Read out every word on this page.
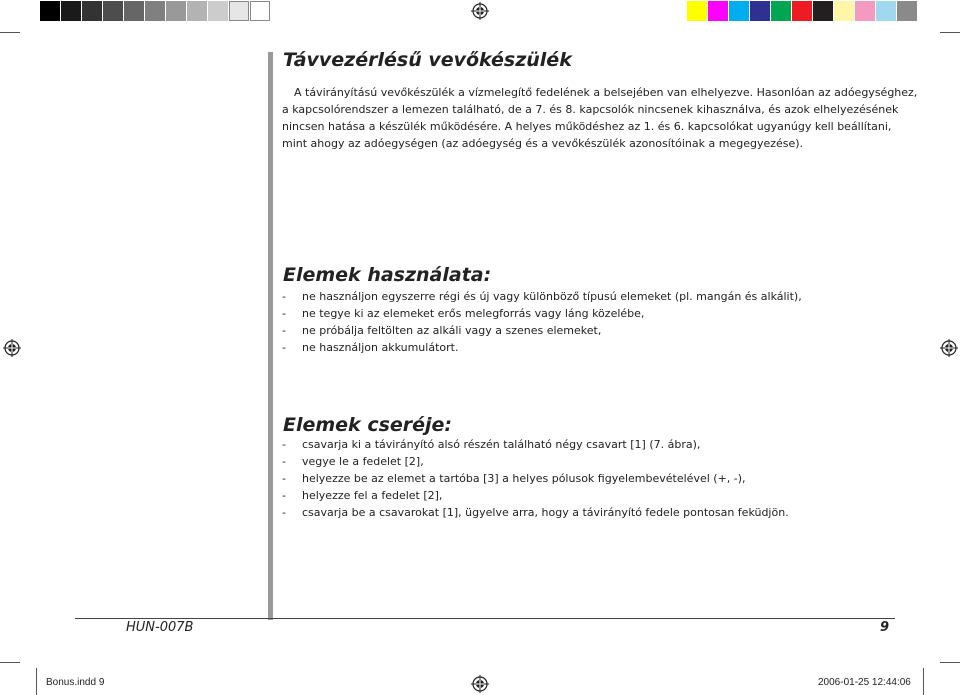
Távvezérlésű vevőkészülék

A távirányítású vevőkészülék a vízmelegítő fedelének a belsejében van elhelyezve. Hasonlóan az adóegységhez,

a kapcsolórendszer a lemezen található, de a 7. és 8. kapcsolók nincsenek kihasználva, és azok elhelyezésének

nincsen hatása a készülék működésére. A helyes működéshez az 1. és 6. kapcsolókat ugyanúgy kell beállítani,

mint ahogy az adóegységen (az adóegység és a vevőkészülék azonosítóinak a megegyezése).

Elemek használata:
- ne használjon egyszerre régi és új vagy különböző típusú elemeket (pl. mangán és alkálit),
- ne tegye ki az elemeket erős melegforrás vagy láng közelébe,
- ne próbálja feltölten az alkáli vagy a szenes elemeket,
- ne használjon akkumulátort.
Elemek cseréje:
- csavarja ki a távirányító alsó részén található négy csavart [1] (7. ábra),
- vegye le a fedelet [2],
- helyezze be az elemet a tartóba [3] a helyes pólusok figyelembevételével (+, -),
- helyezze fel a fedelet [2],
- csavarja be a csavarokat [1], ügyelve arra, hogy a távirányító fedele pontosan feküdjön.
HUN-007B	9
Bonus.indd 9	2006-01-25 12:44:06
